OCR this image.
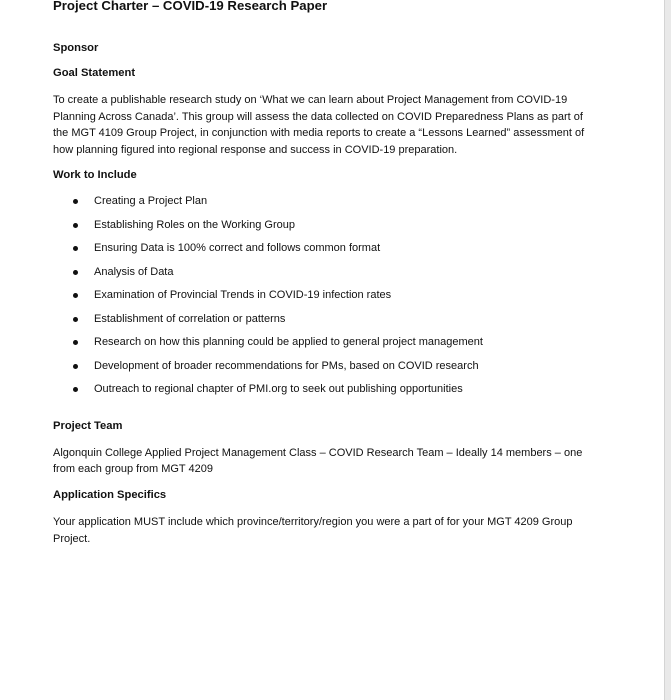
Project Charter – COVID-19 Research Paper
Sponsor
Goal Statement

To create a publishable research study on ‘What we can learn about Project Management from COVID-19 Planning Across Canada’. This group will assess the data collected on COVID Preparedness Plans as part of the MGT 4109 Group Project, in conjunction with media reports to create a “Lessons Learned” assessment of how planning figured into regional response and success in COVID-19 preparation.

Work to Include
Creating a Project Plan
Establishing Roles on the Working Group
Ensuring Data is 100% correct and follows common format
Analysis of Data
Examination of Provincial Trends in COVID-19 infection rates
Establishment of correlation or patterns
Research on how this planning could be applied to general project management
Development of broader recommendations for PMs, based on COVID research
Outreach to regional chapter of PMI.org to seek out publishing opportunities
Project Team

Algonquin College Applied Project Management Class – COVID Research Team – Ideally 14 members – one from each group from MGT 4209

Application Specifics

Your application MUST include which province/territory/region you were a part of for your MGT 4209 Group Project.
